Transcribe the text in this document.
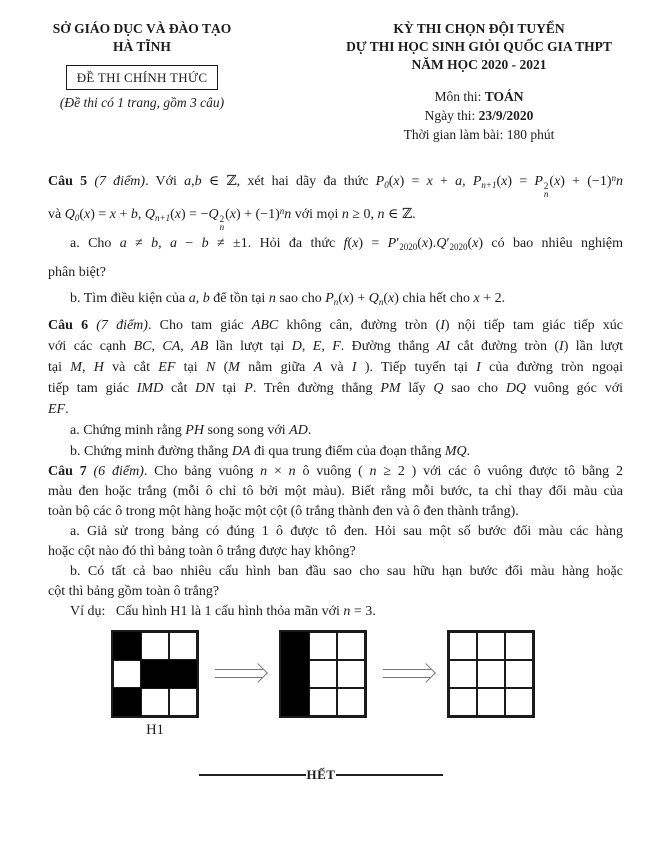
SỞ GIÁO DỤC VÀ ĐÀO TẠO
HÀ TĨNH
ĐỀ THI CHÍNH THỨC
(Đề thi có 1 trang, gồm 3 câu)
KỲ THI CHỌN ĐỘI TUYỂN
DỰ THI HỌC SINH GIỎI QUỐC GIA THPT
NĂM HỌC 2020 - 2021
Môn thi: TOÁN
Ngày thi: 23/9/2020
Thời gian làm bài: 180 phút
Câu 5 (7 điểm). Với a,b ∈ ℤ, xét hai dãy đa thức $P_0(x) = x + a$, $P_{n+1}(x) = P$ 2
n
$(x) + (-1)^nn$
và $Q_0(x) = x + b$, $Q_{n+1}(x) = -Q$ 2
n
$(x) + (-1)^nn$ với mọi n ≥ 0, n ∈ ℤ.
a. Cho a ≠ b, a − b ≠ ±1. Hỏi đa thức $f(x) = P'_{2020}(x).Q'_{2020}(x)$ có bao nhiêu nghiệm
phân biệt?
b. Tìm điều kiện của a, b để tồn tại n sao cho $P_n(x) + Q_n(x)$ chia hết cho x + 2.
Câu 6 (7 điểm). Cho tam giác ABC không cân, đường tròn (I) nội tiếp tam giác tiếp xúc
với các cạnh BC, CA, AB lần lượt tại D, E, F. Đường thẳng AI cắt đường tròn (I) lần lượt
tại M, H và cắt EF tại N (M nằm giữa A và I ). Tiếp tuyến tại I của đường tròn ngoại
tiếp tam giác IMD cắt DN tại P. Trên đường thẳng PM lấy Q sao cho DQ vuông góc với
EF.
a. Chứng minh rằng PH song song với AD.
b. Chứng minh đường thẳng DA đi qua trung điểm của đoạn thẳng MQ.
Câu 7 (6 điểm). Cho bảng vuông n × n ô vuông ( n ≥ 2 ) với các ô vuông được tô bằng 2
màu đen hoặc trắng (mỗi ô chỉ tô bởi một màu). Biết rằng mỗi bước, ta chỉ thay đổi màu của
toàn bộ các ô trong một hàng hoặc một cột (ô trắng thành đen và ô đen thành trắng).
a. Giả sử trong bảng có đúng 1 ô được tô đen. Hỏi sau một số bước đổi màu các hàng
hoặc cột nào đó thì bảng toàn ô trắng được hay không?
b. Có tất cả bao nhiêu cấu hình ban đầu sao cho sau hữu hạn bước đổi màu hàng hoặc
cột thì bảng gồm toàn ô trắng?
Ví dụ:   Cấu hình H1 là 1 cấu hình thỏa mãn với n = 3.
H1
HẾT
